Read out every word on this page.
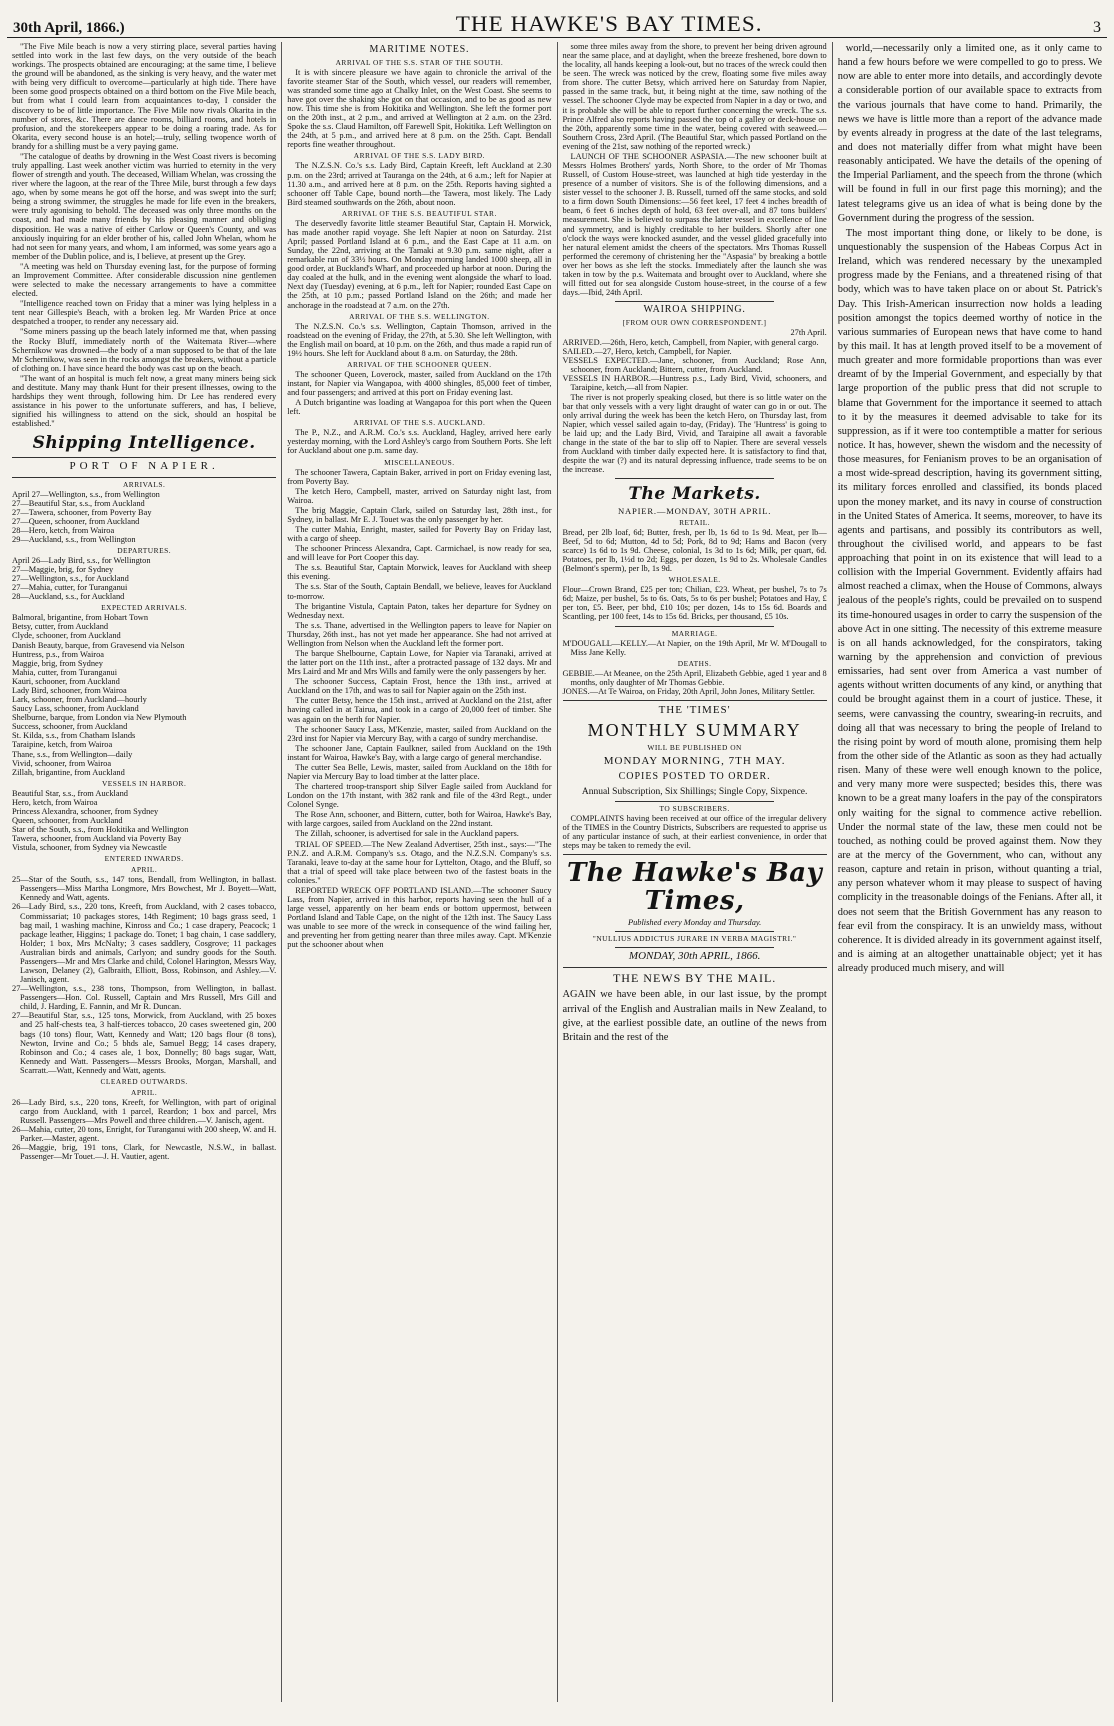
30th April, 1866.)	THE HAWKE'S BAY TIMES.	3

"The Five Mile beach is now a very stirring place, several parties having settled into work in the last few days, on the very outside of the beach workings. The prospects obtained are encouraging; at the same time, I believe the ground will be abandoned, as the sinking is very heavy, and the water met with being very difficult to overcome—particularly at high tide. There have been some good prospects obtained on a third bottom on the Five Mile beach, but from what I could learn from acquaintances to-day, I consider the discovery to be of little importance. The Five Mile now rivals Okarita in the number of stores, &c. There are dance rooms, billiard rooms, and hotels in profusion, and the storekeepers appear to be doing a roaring trade. As for Okarita, every second house is an hotel;—truly, selling twopence worth of brandy for a shilling must be a very paying game.

"The catalogue of deaths by drowning in the West Coast rivers is becoming truly appalling. Last week another victim was hurried to eternity in the very flower of strength and youth. The deceased, William Whelan, was crossing the river where the lagoon, at the rear of the Three Mile, burst through a few days ago, when by some means he got off the horse, and was swept into the surf; being a strong swimmer, the struggles he made for life even in the breakers, were truly agonising to behold. The deceased was only three months on the coast, and had made many friends by his pleasing manner and obliging disposition. He was a native of either Carlow or Queen's County, and was anxiously inquiring for an elder brother of his, called John Whelan, whom he had not seen for many years, and whom, I am informed, was some years ago a member of the Dublin police, and is, I believe, at present up the Grey.

"A meeting was held on Thursday evening last, for the purpose of forming an Improvement Committee. After considerable discussion nine gentlemen were selected to make the necessary arrangements to have a committee elected.

"Intelligence reached town on Friday that a miner was lying helpless in a tent near Gillespie's Beach, with a broken leg. Mr Warden Price at once despatched a trooper, to render any necessary aid.

"Some miners passing up the beach lately informed me that, when passing the Rocky Bluff, immediately north of the Waitemata River—where Schernikow was drowned—the body of a man supposed to be that of the late Mr Schernikow, was seen in the rocks amongst the breakers, without a particle of clothing on. I have since heard the body was cast up on the beach.

"The want of an hospital is much felt now, a great many miners being sick and destitute. Many may thank Hunt for their present illnesses, owing to the hardships they went through, following him. Dr Lee has rendered every assistance in his power to the unfortunate sufferers, and has, I believe, signified his willingness to attend on the sick, should an hospital be established."

Shipping Intelligence.
PORT OF NAPIER.
ARRIVALS.

April 27—Wellington, s.s., from Wellington

27—Beautiful Star, s.s., from Auckland

27—Tawera, schooner, from Poverty Bay

27—Queen, schooner, from Auckland

28—Hero, ketch, from Wairoa

29—Auckland, s.s., from Wellington

DEPARTURES.

April 26—Lady Bird, s.s., for Wellington

27—Maggie, brig, for Sydney

27—Wellington, s.s., for Auckland

27—Mahia, cutter, for Turanganui

28—Auckland, s.s., for Auckland

EXPECTED ARRIVALS.

Balmoral, brigantine, from Hobart Town

Betsy, cutter, from Auckland

Clyde, schooner, from Auckland

Danish Beauty, barque, from Gravesend via Nelson

Huntress, p.s., from Wairoa

Maggie, brig, from Sydney

Mahia, cutter, from Turanganui

Kauri, schooner, from Auckland

Lady Bird, schooner, from Wairoa

Lark, schooner, from Auckland—hourly

Saucy Lass, schooner, from Auckland

Shelburne, barque, from London via New Plymouth

Success, schooner, from Auckland

St. Kilda, s.s., from Chatham Islands

Taraipine, ketch, from Wairoa

Thane, s.s., from Wellington—daily

Vivid, schooner, from Wairoa

Zillah, brigantine, from Auckland

VESSELS IN HARBOR.

Beautiful Star, s.s., from Auckland

Hero, ketch, from Wairoa

Princess Alexandra, schooner, from Sydney

Queen, schooner, from Auckland

Star of the South, s.s., from Hokitika and Wellington

Tawera, schooner, from Auckland via Poverty Bay

Vistula, schooner, from Sydney via Newcastle

ENTERED INWARDS.
APRIL.

25—Star of the South, s.s., 147 tons, Bendall, from Wellington, in ballast. Passengers—Miss Martha Longmore, Mrs Bowchest, Mr J. Boyett—Watt, Kennedy and Watt, agents.

26—Lady Bird, s.s., 220 tons, Kreeft, from Auckland, with 2 cases tobacco, Commissariat; 10 packages stores, 14th Regiment; 10 bags grass seed, 1 bag mail, 1 washing machine, Kinross and Co.; 1 case drapery, Peacock; 1 package leather, Higgins; 1 package do. Tonet; 1 bag chain, 1 case saddlery, Holder; 1 box, Mrs McNalty; 3 cases saddlery, Cosgrove; 11 packages Australian birds and animals, Carlyon; and sundry goods for the South. Passengers—Mr and Mrs Clarke and child, Colonel Harington, Messrs Way, Lawson, Delaney (2), Galbraith, Elliott, Boss, Robinson, and Ashley.—V. Janisch, agent.

27—Wellington, s.s., 238 tons, Thompson, from Wellington, in ballast. Passengers—Hon. Col. Russell, Captain and Mrs Russell, Mrs Gill and child, J. Harding, E. Fannin, and Mr R. Duncan.

27—Beautiful Star, s.s., 125 tons, Morwick, from Auckland, with 25 boxes and 25 half-chests tea, 3 half-tierces tobacco, 20 cases sweetened gin, 200 bags (10 tons) flour, Watt, Kennedy and Watt; 120 bags flour (8 tons), Newton, Irvine and Co.; 5 bhds ale, Samuel Begg; 14 cases drapery, Robinson and Co.; 4 cases ale, 1 box, Donnelly; 80 bags sugar, Watt, Kennedy and Watt. Passengers—Messrs Brooks, Morgan, Marshall, and Scarratt.—Watt, Kennedy and Watt, agents.

CLEARED OUTWARDS.
APRIL.

26—Lady Bird, s.s., 220 tons, Kreeft, for Wellington, with part of original cargo from Auckland, with 1 parcel, Reardon; 1 box and parcel, Mrs Russell. Passengers—Mrs Powell and three children.—V. Janisch, agent.

26—Mahia, cutter, 20 tons, Enright, for Turanganui with 200 sheep, W. and H. Parker.—Master, agent.

26—Maggie, brig, 191 tons, Clark, for Newcastle, N.S.W., in ballast. Passenger—Mr Touet.—J. H. Vautier, agent.

MARITIME NOTES.
ARRIVAL OF THE S.S. STAR OF THE SOUTH.

It is with sincere pleasure we have again to chronicle the arrival of the favorite steamer Star of the South, which vessel, our readers will remember, was stranded some time ago at Chalky Inlet, on the West Coast. She seems to have got over the shaking she got on that occasion, and to be as good as new now. This time she is from Hokitika and Wellington. She left the former port on the 20th inst., at 2 p.m., and arrived at Wellington at 2 a.m. on the 23rd. Spoke the s.s. Claud Hamilton, off Farewell Spit, Hokitika. Left Wellington on the 24th, at 5 p.m., and arrived here at 8 p.m. on the 25th. Capt. Bendall reports fine weather throughout.

ARRIVAL OF THE S.S. LADY BIRD.

The N.Z.S.N. Co.'s s.s. Lady Bird, Captain Kreeft, left Auckland at 2.30 p.m. on the 23rd; arrived at Tauranga on the 24th, at 6 a.m.; left for Napier at 11.30 a.m., and arrived here at 8 p.m. on the 25th. Reports having sighted a schooner off Table Cape, bound north—the Tawera, most likely. The Lady Bird steamed southwards on the 26th, about noon.

ARRIVAL OF THE S.S. BEAUTIFUL STAR.

The deservedly favorite little steamer Beautiful Star, Captain H. Morwick, has made another rapid voyage. She left Napier at noon on Saturday. 21st April; passed Portland Island at 6 p.m., and the East Cape at 11 a.m. on Sunday, the 22nd, arriving at the Tamaki at 9.30 p.m. same night, after a remarkable run of 33½ hours. On Monday morning landed 1000 sheep, all in good order, at Buckland's Wharf, and proceeded up harbor at noon. During the day coaled at the hulk, and in the evening went alongside the wharf to load. Next day (Tuesday) evening, at 6 p.m., left for Napier; rounded East Cape on the 25th, at 10 p.m.; passed Portland Island on the 26th; and made her anchorage in the roadstead at 7 a.m. on the 27th.

ARRIVAL OF THE S.S. WELLINGTON.

The N.Z.S.N. Co.'s s.s. Wellington, Captain Thomson, arrived in the roadstead on the evening of Friday, the 27th, at 5.30. She left Wellington, with the English mail on board, at 10 p.m. on the 26th, and thus made a rapid run of 19½ hours. She left for Auckland about 8 a.m. on Saturday, the 28th.

ARRIVAL OF THE SCHOONER QUEEN.

The schooner Queen, Loverock, master, sailed from Auckland on the 17th instant, for Napier via Wangapoa, with 4000 shingles, 85,000 feet of timber, and four passengers; and arrived at this port on Friday evening last.

A Dutch brigantine was loading at Wangapoa for this port when the Queen left.

ARRIVAL OF THE S.S. AUCKLAND.

The P., N.Z., and A.R.M. Co.'s s.s. Auckland, Hagley, arrived here early yesterday morning, with the Lord Ashley's cargo from Southern Ports. She left for Auckland about one p.m. same day.

MISCELLANEOUS.

The schooner Tawera, Captain Baker, arrived in port on Friday evening last, from Poverty Bay.

The ketch Hero, Campbell, master, arrived on Saturday night last, from Wairoa.

The brig Maggie, Captain Clark, sailed on Saturday last, 28th inst., for Sydney, in ballast. Mr E. J. Touet was the only passenger by her.

The cutter Mahia, Enright, master, sailed for Poverty Bay on Friday last, with a cargo of sheep.

The schooner Princess Alexandra, Capt. Carmichael, is now ready for sea, and will leave for Port Cooper this day.

The s.s. Beautiful Star, Captain Morwick, leaves for Auckland with sheep this evening.

The s.s. Star of the South, Captain Bendall, we believe, leaves for Auckland to-morrow.

The brigantine Vistula, Captain Paton, takes her departure for Sydney on Wednesday next.

The s.s. Thane, advertised in the Wellington papers to leave for Napier on Thursday, 26th inst., has not yet made her appearance. She had not arrived at Wellington from Nelson when the Auckland left the former port.

The barque Shelbourne, Captain Lowe, for Napier via Taranaki, arrived at the latter port on the 11th inst., after a protracted passage of 132 days. Mr and Mrs Laird and Mr and Mrs Wills and family were the only passengers by her.

The schooner Success, Captain Frost, hence the 13th inst., arrived at Auckland on the 17th, and was to sail for Napier again on the 25th inst.

The cutter Betsy, hence the 15th inst., arrived at Auckland on the 21st, after having called in at Tairua, and took in a cargo of 20,000 feet of timber. She was again on the berth for Napier.

The schooner Saucy Lass, M'Kenzie, master, sailed from Auckland on the 23rd inst for Napier via Mercury Bay, with a cargo of sundry merchandise.

The schooner Jane, Captain Faulkner, sailed from Auckland on the 19th instant for Wairoa, Hawke's Bay, with a large cargo of general merchandise.

The cutter Sea Belle, Lewis, master, sailed from Auckland on the 18th for Napier via Mercury Bay to load timber at the latter place.

The chartered troop-transport ship Silver Eagle sailed from Auckland for London on the 17th instant, with 382 rank and file of the 43rd Regt., under Colonel Synge.

The Rose Ann, schooner, and Bittern, cutter, both for Wairoa, Hawke's Bay, with large cargoes, sailed from Auckland on the 22nd instant.

The Zillah, schooner, is advertised for sale in the Auckland papers.

TRIAL OF SPEED.—The New Zealand Advertiser, 25th inst., says:—"The P.N.Z. and A.R.M. Company's s.s. Otago, and the N.Z.S.N. Company's s.s. Taranaki, leave to-day at the same hour for Lyttelton, Otago, and the Bluff, so that a trial of speed will take place between two of the fastest boats in the colonies."

REPORTED WRECK OFF PORTLAND ISLAND.—The schooner Saucy Lass, from Napier, arrived in this harbor, reports having seen the hull of a large vessel, apparently on her beam ends or bottom uppermost, between Portland Island and Table Cape, on the night of the 12th inst. The Saucy Lass was unable to see more of the wreck in consequence of the wind failing her, and preventing her from getting nearer than three miles away. Capt. M'Kenzie put the schooner about when

some three miles away from the shore, to prevent her being driven aground near the same place, and at daylight, when the breeze freshened, bore down to the locality, all hands keeping a look-out, but no traces of the wreck could then be seen. The wreck was noticed by the crew, floating some five miles away from shore. The cutter Betsy, which arrived here on Saturday from Napier, passed in the same track, but, it being night at the time, saw nothing of the vessel. The schooner Clyde may be expected from Napier in a day or two, and it is probable she will be able to report further concerning the wreck. The s.s. Prince Alfred also reports having passed the top of a galley or deck-house on the 20th, apparently some time in the water, being covered with seaweed.—Southern Cross, 23rd April. (The Beautiful Star, which passed Portland on the evening of the 21st, saw nothing of the reported wreck.)

LAUNCH OF THE SCHOONER ASPASIA.—The new schooner built at Messrs Holmes Brothers' yards, North Shore, to the order of Mr Thomas Russell, of Custom House-street, was launched at high tide yesterday in the presence of a number of visitors. She is of the following dimensions, and a sister vessel to the schooner J. B. Russell, turned off the same stocks, and sold to a firm down South Dimensions:—56 feet keel, 17 feet 4 inches breadth of beam, 6 feet 6 inches depth of hold, 63 feet over-all, and 87 tons builders' measurement. She is believed to surpass the latter vessel in excellence of line and symmetry, and is highly creditable to her builders. Shortly after one o'clock the ways were knocked asunder, and the vessel glided gracefully into her natural element amidst the cheers of the spectators. Mrs Thomas Russell performed the ceremony of christening her the "Aspasia" by breaking a bottle over her bows as she left the stocks. Immediately after the launch she was taken in tow by the p.s. Waitemata and brought over to Auckland, where she will fitted out for sea alongside Custom house-street, in the course of a few days.—Ibid, 24th April.

WAIROA SHIPPING.
[FROM OUR OWN CORRESPONDENT.]

27th April.

ARRIVED.—26th, Hero, ketch, Campbell, from Napier, with general cargo.

SAILED.—27, Hero, ketch, Campbell, for Napier.

VESSELS EXPECTED.—Jane, schooner, from Auckland; Rose Ann, schooner, from Auckland; Bittern, cutter, from Auckland.

VESSELS IN HARBOR.—Huntress p.s., Lady Bird, Vivid, schooners, and Taraipine, ketch,—all from Napier.

The river is not properly speaking closed, but there is so little water on the bar that only vessels with a very light draught of water can go in or out. The only arrival during the week has been the ketch Hero, on Thursday last, from Napier, which vessel sailed again to-day, (Friday). The 'Huntress' is going to be laid up; and the Lady Bird, Vivid, and Taraipine all await a favorable change in the state of the bar to slip off to Napier. There are several vessels from Auckland with timber daily expected here. It is satisfactory to find that, despite the war (?) and its natural depressing influence, trade seems to be on the increase.

The Markets.
NAPIER.—MONDAY, 30TH APRIL.
RETAIL.

Bread, per 2lb loaf, 6d; Butter, fresh, per lb, 1s 6d to 1s 9d. Meat, per lb—Beef, 5d to 6d; Mutton, 4d to 5d; Pork, 8d to 9d; Hams and Bacon (very scarce) 1s 6d to 1s 9d. Cheese, colonial, 1s 3d to 1s 6d; Milk, per quart, 6d. Potatoes, per lb, 1½d to 2d; Eggs, per dozen, 1s 9d to 2s. Wholesale Candles (Belmont's sperm), per lb, 1s 9d.

WHOLESALE.

Flour—Crown Brand, £25 per ton; Chilian, £23. Wheat, per bushel, 7s to 7s 6d; Maize, per bushel, 5s to 6s. Oats, 5s to 6s per bushel; Potatoes and Hay, £ per ton, £5. Beer, per bhd, £10 10s; per dozen, 14s to 15s 6d. Boards and Scantling, per 100 feet, 14s to 15s 6d. Bricks, per thousand, £5 10s.

MARRIAGE.

M'DOUGALL—KELLY.—At Napier, on the 19th April, Mr W. M'Dougall to Miss Jane Kelly.

DEATHS.

GEBBIE.—At Meanee, on the 25th April, Elizabeth Gebbie, aged 1 year and 8 months, only daughter of Mr Thomas Gebbie.

JONES.—At Te Wairoa, on Friday, 20th April, John Jones, Military Settler.

THE 'TIMES'
MONTHLY SUMMARY
WILL BE PUBLISHED ON
MONDAY MORNING, 7TH MAY.
COPIES POSTED TO ORDER.

Annual Subscription, Six Shillings; Single Copy, Sixpence.

TO SUBSCRIBERS.

COMPLAINTS having been received at our office of the irregular delivery of the TIMES in the Country Districts, Subscribers are requested to apprise us of any particular instance of such, at their earliest convenience, in order that steps may be taken to remedy the evil.

The Hawke's Bay Times,

Published every Monday and Thursday.

"NULLIUS ADDICTUS JURARE IN VERBA MAGISTRI."

MONDAY, 30th APRIL, 1866.

THE NEWS BY THE MAIL.

AGAIN we have been able, in our last issue, by the prompt arrival of the English and Australian mails in New Zealand, to give, at the earliest possible date, an outline of the news from Britain and the rest of the

world,—necessarily only a limited one, as it only came to hand a few hours before we were compelled to go to press. We now are able to enter more into details, and accordingly devote a considerable portion of our available space to extracts from the various journals that have come to hand. Primarily, the news we have is little more than a report of the advance made by events already in progress at the date of the last telegrams, and does not materially differ from what might have been reasonably anticipated. We have the details of the opening of the Imperial Parliament, and the speech from the throne (which will be found in full in our first page this morning); and the latest telegrams give us an idea of what is being done by the Government during the progress of the session.

The most important thing done, or likely to be done, is unquestionably the suspension of the Habeas Corpus Act in Ireland, which was rendered necessary by the unexampled progress made by the Fenians, and a threatened rising of that body, which was to have taken place on or about St. Patrick's Day. This Irish-American insurrection now holds a leading position amongst the topics deemed worthy of notice in the various summaries of European news that have come to hand by this mail. It has at length proved itself to be a movement of much greater and more formidable proportions than was ever dreamt of by the Imperial Government, and especially by that large proportion of the public press that did not scruple to blame that Government for the importance it seemed to attach to it by the measures it deemed advisable to take for its suppression, as if it were too contemptible a matter for serious notice. It has, however, shewn the wisdom and the necessity of those measures, for Fenianism proves to be an organisation of a most wide-spread description, having its government sitting, its military forces enrolled and classified, its bonds placed upon the money market, and its navy in course of construction in the United States of America. It seems, moreover, to have its agents and partisans, and possibly its contributors as well, throughout the civilised world, and appears to be fast approaching that point in on its existence that will lead to a collision with the Imperial Government. Evidently affairs had almost reached a climax, when the House of Commons, always jealous of the people's rights, could be prevailed on to suspend its time-honoured usages in order to carry the suspension of the above Act in one sitting. The necessity of this extreme measure is on all hands acknowledged, for the conspirators, taking warning by the apprehension and conviction of previous emissaries, had sent over from America a vast number of agents without written documents of any kind, or anything that could be brought against them in a court of justice. These, it seems, were canvassing the country, swearing-in recruits, and doing all that was necessary to bring the people of Ireland to the rising point by word of mouth alone, promising them help from the other side of the Atlantic as soon as they had actually risen. Many of these were well enough known to the police, and very many more were suspected; besides this, there was known to be a great many loafers in the pay of the conspirators only waiting for the signal to commence active rebellion. Under the normal state of the law, these men could not be touched, as nothing could be proved against them. Now they are at the mercy of the Government, who can, without any reason, capture and retain in prison, without quanting a trial, any person whatever whom it may please to suspect of having complicity in the treasonable doings of the Fenians. After all, it does not seem that the British Government has any reason to fear evil from the conspiracy. It is an unwieldy mass, without coherence. It is divided already in its government against itself, and is aiming at an altogether unattainable object; yet it has already produced much misery, and will
